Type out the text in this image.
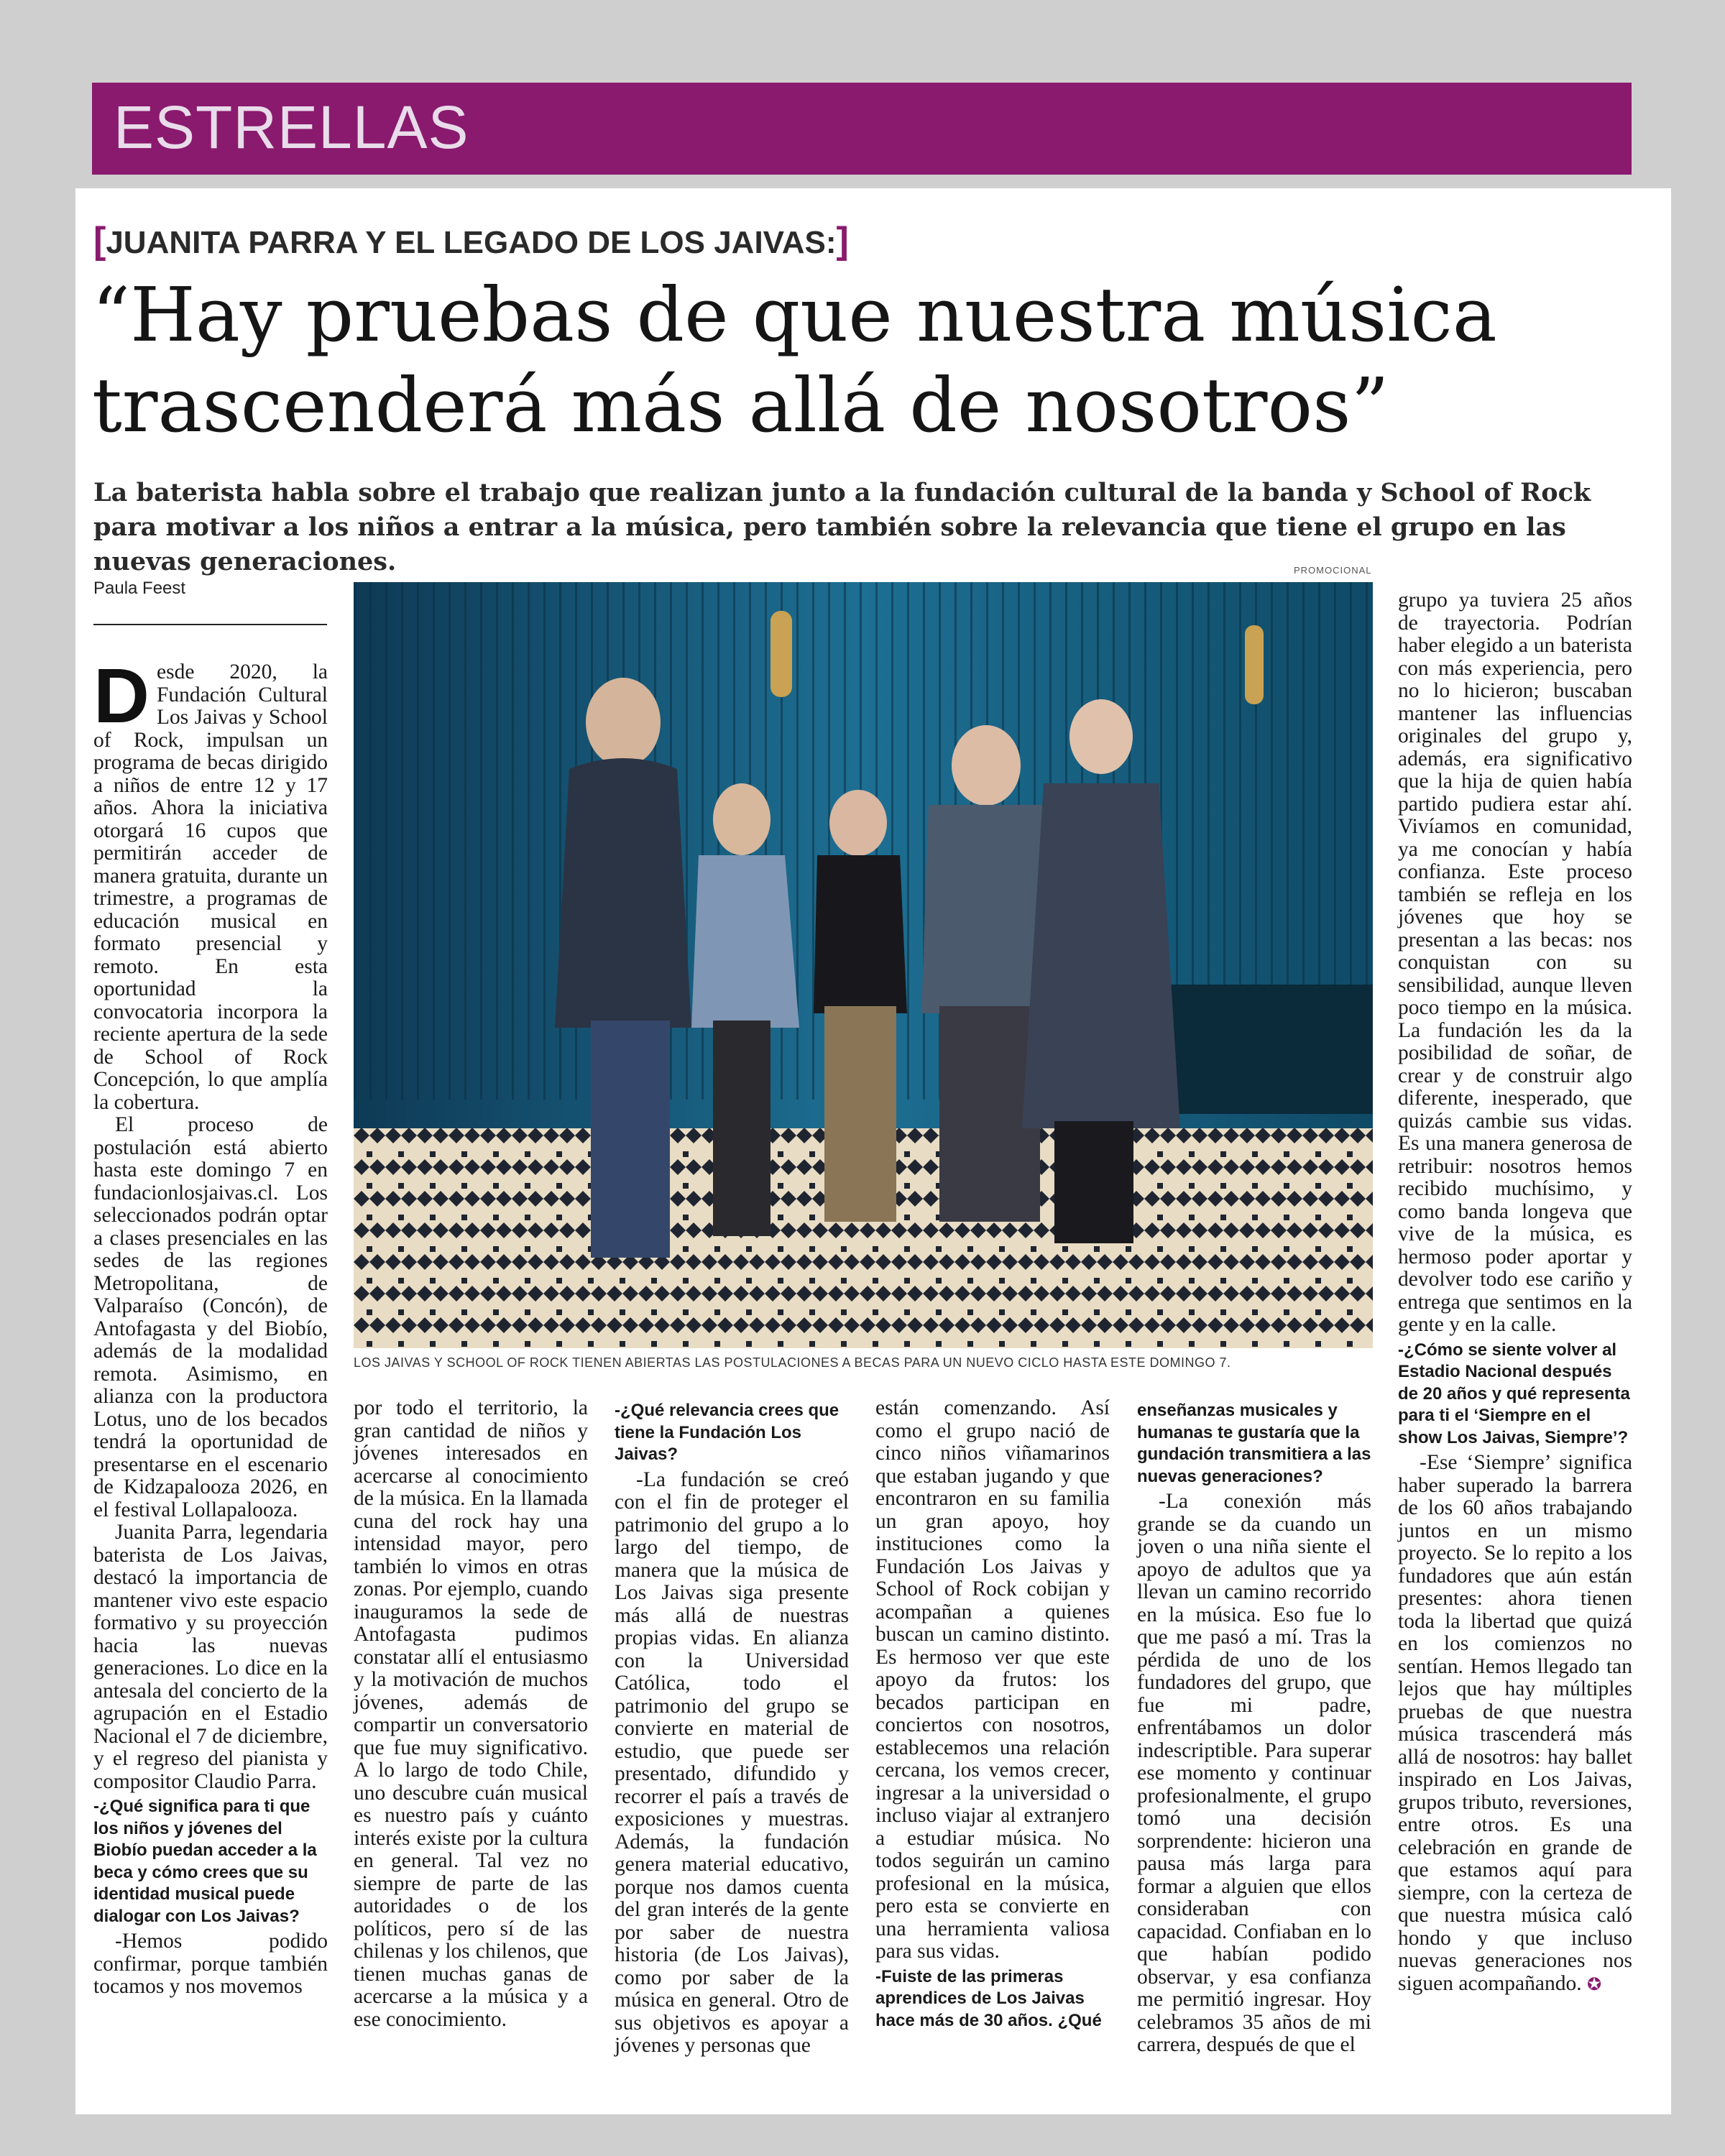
ESTRELLAS
[JUANITA PARRA Y EL LEGADO DE LOS JAIVAS:]
“Hay pruebas de que nuestra música trascenderá más allá de nosotros”

La baterista habla sobre el trabajo que realizan junto a la fundación cultural de la banda y School of Rock para motivar a los niños a entrar a la música, pero también sobre la relevancia que tiene el grupo en las nuevas generaciones.

Paula Feest
PROMOCIONAL
LOS JAIVAS Y SCHOOL OF ROCK TIENEN ABIERTAS LAS POSTULACIONES A BECAS PARA UN NUEVO CICLO HASTA ESTE DOMINGO 7.

Desde 2020, la Fundación Cultural Los Jaivas y School of Rock, impulsan un programa de becas dirigido a niños de entre 12 y 17 años. Ahora la iniciativa otorgará 16 cupos que permitirán acceder de manera gratuita, durante un trimestre, a programas de educación musical en formato presencial y remoto. En esta oportunidad la convocatoria incorpora la reciente apertura de la sede de School of Rock Concepción, lo que amplía la cobertura.

El proceso de postulación está abierto hasta este domingo 7 en fundacionlosjaivas.cl. Los seleccionados podrán optar a clases presenciales en las sedes de las regiones Metropolitana, de Valparaíso (Concón), de Antofagasta y del Biobío, además de la modalidad remota. Asimismo, en alianza con la productora Lotus, uno de los becados tendrá la oportunidad de presentarse en el escenario de Kidzapalooza 2026, en el festival Lollapalooza.

Juanita Parra, legendaria baterista de Los Jaivas, destacó la importancia de mantener vivo este espacio formativo y su proyección hacia las nuevas generaciones. Lo dice en la antesala del concierto de la agrupación en el Estadio Nacional el 7 de diciembre, y el regreso del pianista y compositor Claudio Parra.

-¿Qué significa para ti que los niños y jóvenes del Biobío puedan acceder a la beca y cómo crees que su identidad musical puede dialogar con Los Jaivas?

-Hemos podido confirmar, porque también tocamos y nos movemos

por todo el territorio, la gran cantidad de niños y jóvenes interesados en acercarse al conocimiento de la música. En la llamada cuna del rock hay una intensidad mayor, pero también lo vimos en otras zonas. Por ejemplo, cuando inauguramos la sede de Antofagasta pudimos constatar allí el entusiasmo y la motivación de muchos jóvenes, además de compartir un conversatorio que fue muy significativo. A lo largo de todo Chile, uno descubre cuán musical es nuestro país y cuánto interés existe por la cultura en general. Tal vez no siempre de parte de las autoridades o de los políticos, pero sí de las chilenas y los chilenos, que tienen muchas ganas de acercarse a la música y a ese conocimiento.

-¿Qué relevancia crees que tiene la Fundación Los Jaivas?

-La fundación se creó con el fin de proteger el patrimonio del grupo a lo largo del tiempo, de manera que la música de Los Jaivas siga presente más allá de nuestras propias vidas. En alianza con la Universidad Católica, todo el patrimonio del grupo se convierte en material de estudio, que puede ser presentado, difundido y recorrer el país a través de exposiciones y muestras. Además, la fundación genera material educativo, porque nos damos cuenta del gran interés de la gente por saber de nuestra historia (de Los Jaivas), como por saber de la música en general. Otro de sus objetivos es apoyar a jóvenes y personas que

están comenzando. Así como el grupo nació de cinco niños viñamarinos que estaban jugando y que encontraron en su familia un gran apoyo, hoy instituciones como la Fundación Los Jaivas y School of Rock cobijan y acompañan a quienes buscan un camino distinto. Es hermoso ver que este apoyo da frutos: los becados participan en conciertos con nosotros, establecemos una relación cercana, los vemos crecer, ingresar a la universidad o incluso viajar al extranjero a estudiar música. No todos seguirán un camino profesional en la música, pero esta se convierte en una herramienta valiosa para sus vidas.

-Fuiste de las primeras aprendices de Los Jaivas hace más de 30 años. ¿Qué

enseñanzas musicales y humanas te gustaría que la gundación transmitiera a las nuevas generaciones?

-La conexión más grande se da cuando un joven o una niña siente el apoyo de adultos que ya llevan un camino recorrido en la música. Eso fue lo que me pasó a mí. Tras la pérdida de uno de los fundadores del grupo, que fue mi padre, enfrentábamos un dolor indescriptible. Para superar ese momento y continuar profesionalmente, el grupo tomó una decisión sorprendente: hicieron una pausa más larga para formar a alguien que ellos consideraban con capacidad. Confiaban en lo que habían podido observar, y esa confianza me permitió ingresar. Hoy celebramos 35 años de mi carrera, después de que el

grupo ya tuviera 25 años de trayectoria. Podrían haber elegido a un baterista con más experiencia, pero no lo hicieron; buscaban mantener las influencias originales del grupo y, además, era significativo que la hija de quien había partido pudiera estar ahí. Vivíamos en comunidad, ya me conocían y había confianza. Este proceso también se refleja en los jóvenes que hoy se presentan a las becas: nos conquistan con su sensibilidad, aunque lleven poco tiempo en la música. La fundación les da la posibilidad de soñar, de crear y de construir algo diferente, inesperado, que quizás cambie sus vidas. Es una manera generosa de retribuir: nosotros hemos recibido muchísimo, y como banda longeva que vive de la música, es hermoso poder aportar y devolver todo ese cariño y entrega que sentimos en la gente y en la calle.

-¿Cómo se siente volver al Estadio Nacional después de 20 años y qué representa para ti el ‘Siempre en el show Los Jaivas, Siempre’?

-Ese ‘Siempre’ significa haber superado la barrera de los 60 años trabajando juntos en un mismo proyecto. Se lo repito a los fundadores que aún están presentes: ahora tienen toda la libertad que quizá en los comienzos no sentían. Hemos llegado tan lejos que hay múltiples pruebas de que nuestra música trascenderá más allá de nosotros: hay ballet inspirado en Los Jaivas, grupos tributo, reversiones, entre otros. Es una celebración en grande de que estamos aquí para siempre, con la certeza de que nuestra música caló hondo y que incluso nuevas generaciones nos siguen acompañando. ✪
